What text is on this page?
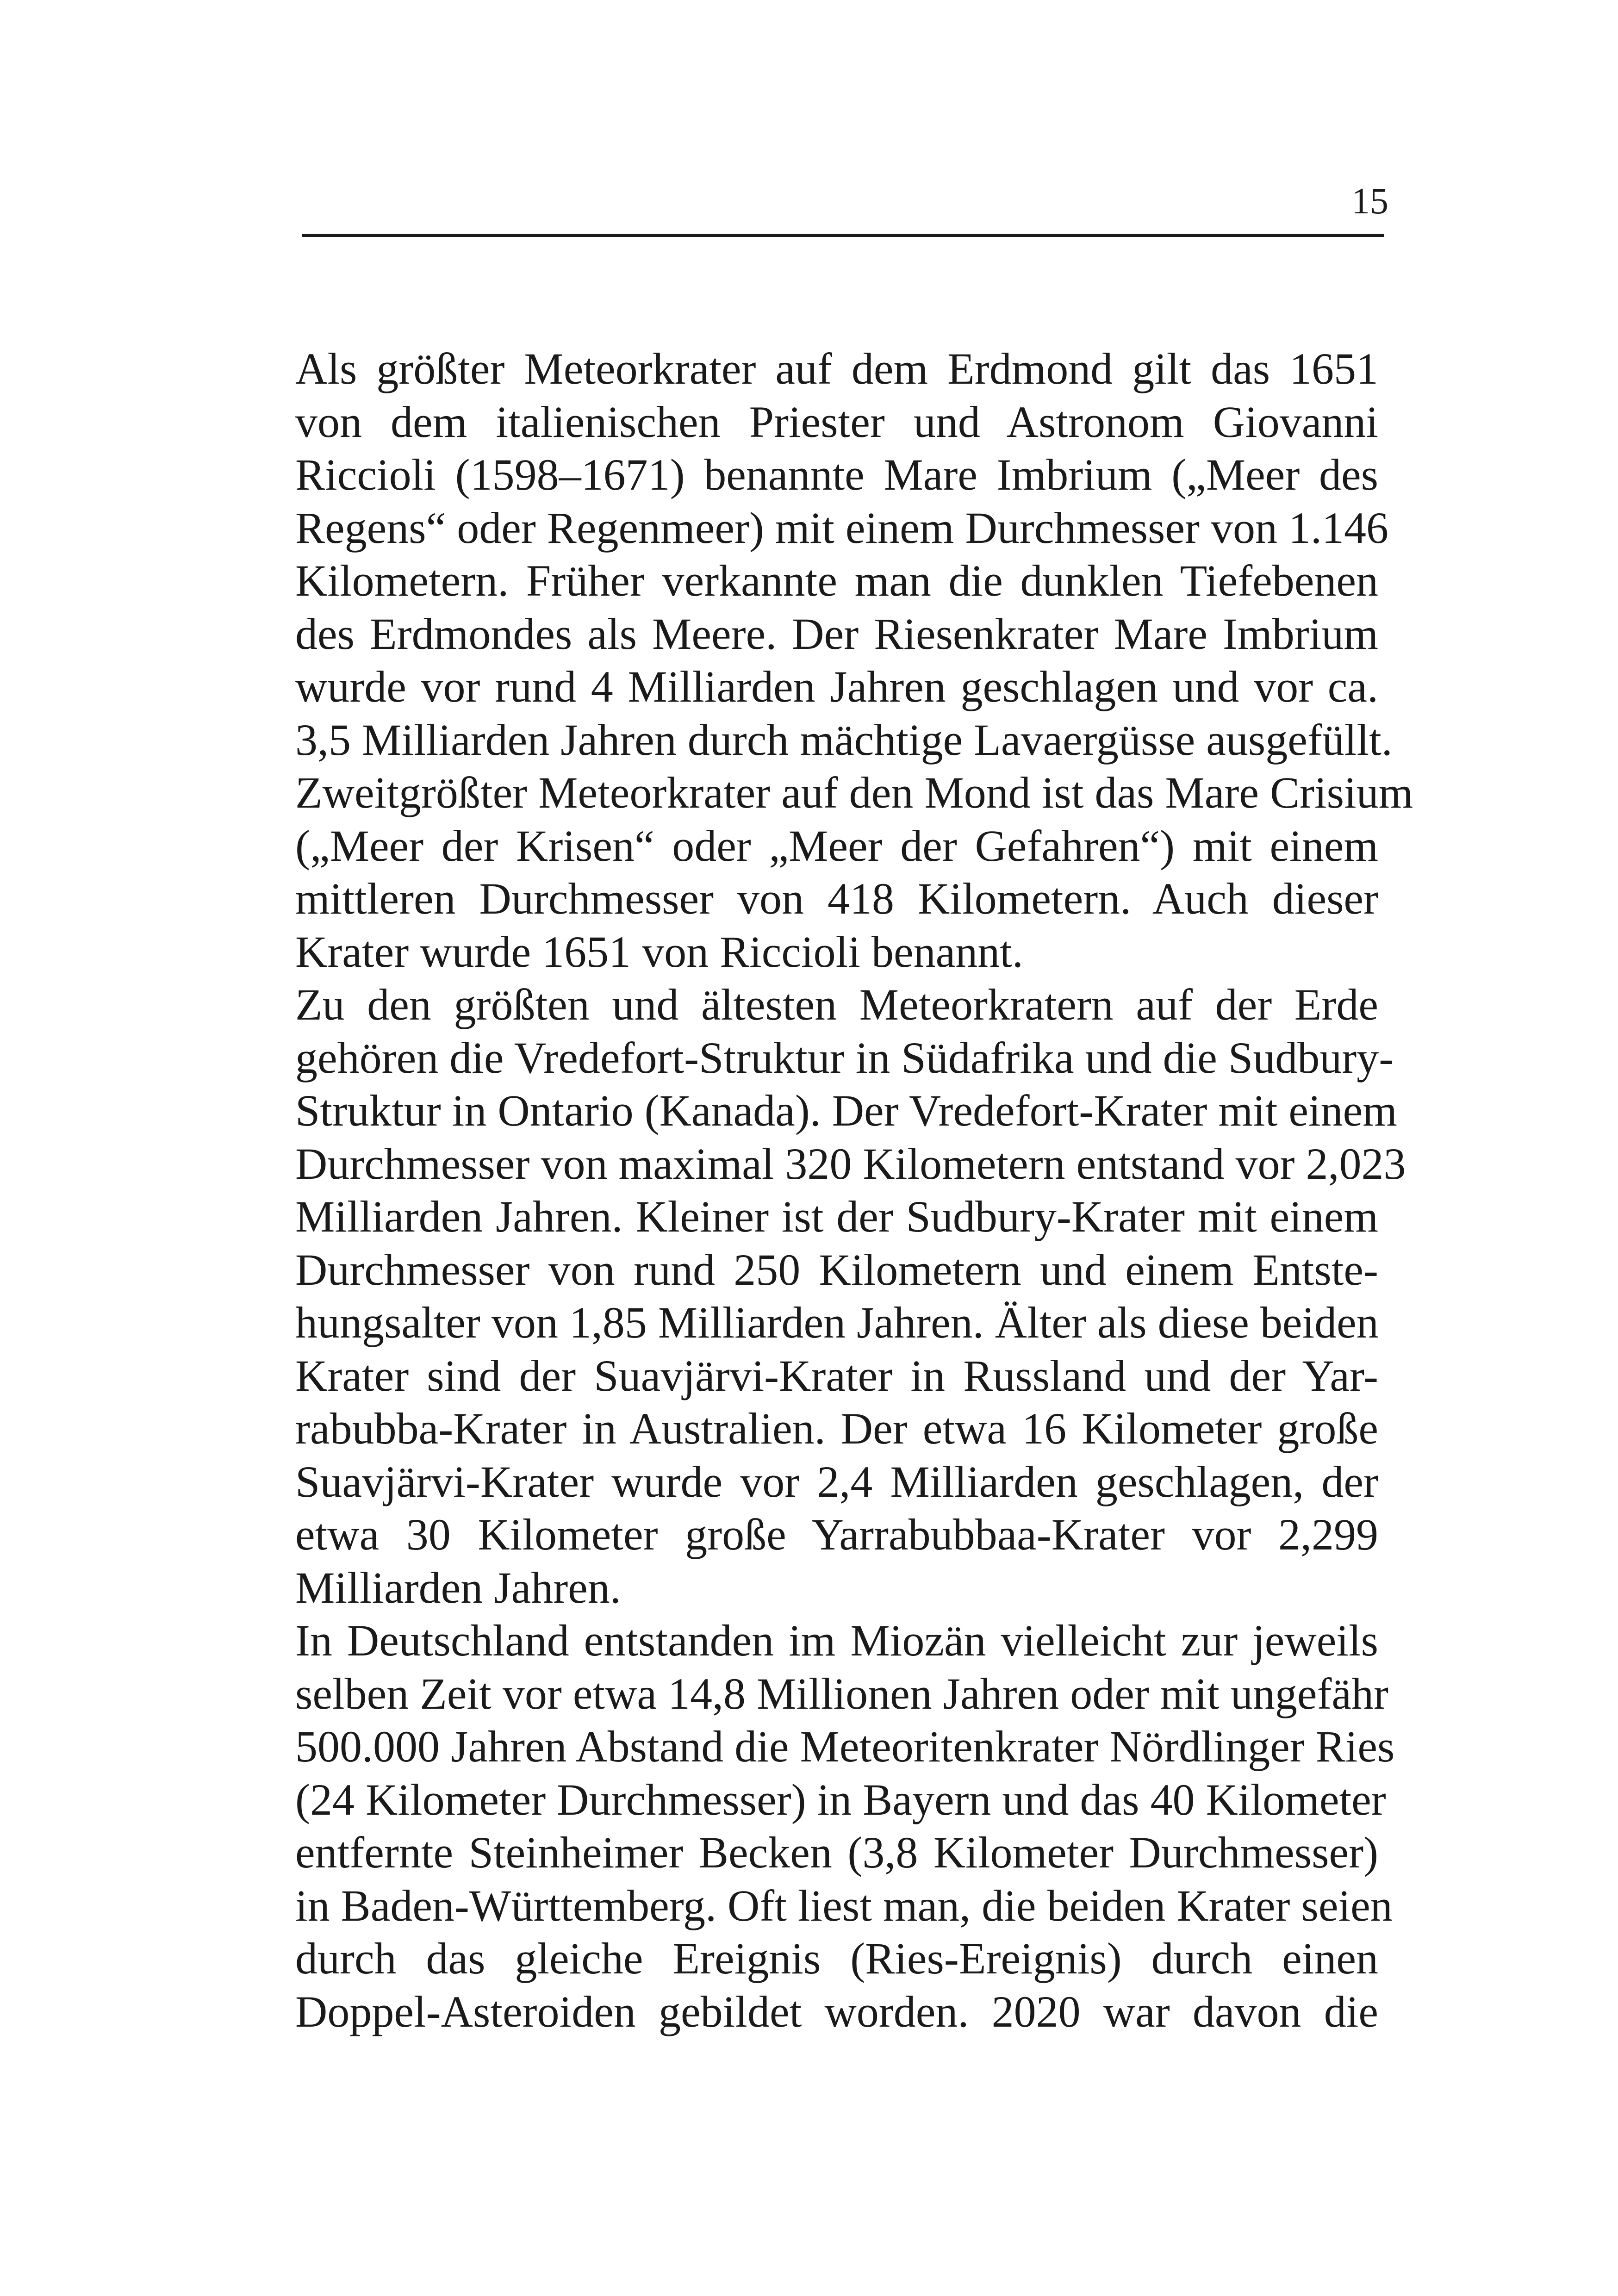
15
Als größter Meteorkrater auf dem Erdmond gilt das 1651
von dem italienischen Priester und Astronom Giovanni
Riccioli (1598–1671) benannte Mare Imbrium („Meer des
Regens“ oder Regenmeer) mit einem Durchmesser von 1.146
Kilometern. Früher verkannte man die dunklen Tiefebenen
des Erdmondes als Meere. Der Riesenkrater Mare Imbrium
wurde vor rund 4 Milliarden Jahren geschlagen und vor ca.
3,5 Milliarden Jahren durch mächtige Lavaergüsse ausgefüllt.
Zweitgrößter Meteorkrater auf den Mond ist das Mare Crisium
(„Meer der Krisen“ oder „Meer der Gefahren“) mit einem
mittleren Durchmesser von 418 Kilometern. Auch dieser
Krater wurde 1651 von Riccioli benannt.
Zu den größten und ältesten Meteorkratern auf der Erde
gehören die Vredefort-Struktur in Südafrika und die Sudbury-
Struktur in Ontario (Kanada). Der Vredefort-Krater mit einem
Durchmesser von maximal 320 Kilometern entstand vor 2,023
Milliarden Jahren. Kleiner ist der Sudbury-Krater mit einem
Durchmesser von rund 250 Kilometern und einem Entste-
hungsalter von 1,85 Milliarden Jahren. Älter als diese beiden
Krater sind der Suavjärvi-Krater in Russland und der Yar-
rabubba-Krater in Australien. Der etwa 16 Kilometer große
Suavjärvi-Krater wurde vor 2,4 Milliarden geschlagen, der
etwa 30 Kilometer große Yarrabubbaa-Krater vor 2,299
Milliarden Jahren.
In Deutschland entstanden im Miozän vielleicht zur jeweils
selben Zeit vor etwa 14,8 Millionen Jahren oder mit ungefähr
500.000 Jahren Abstand die Meteoritenkrater Nördlinger Ries
(24 Kilometer Durchmesser) in Bayern und das 40 Kilometer
entfernte Steinheimer Becken (3,8 Kilometer Durchmesser)
in Baden-Württemberg. Oft liest man, die beiden Krater seien
durch das gleiche Ereignis (Ries-Ereignis) durch einen
Doppel-Asteroiden gebildet worden. 2020 war davon die
